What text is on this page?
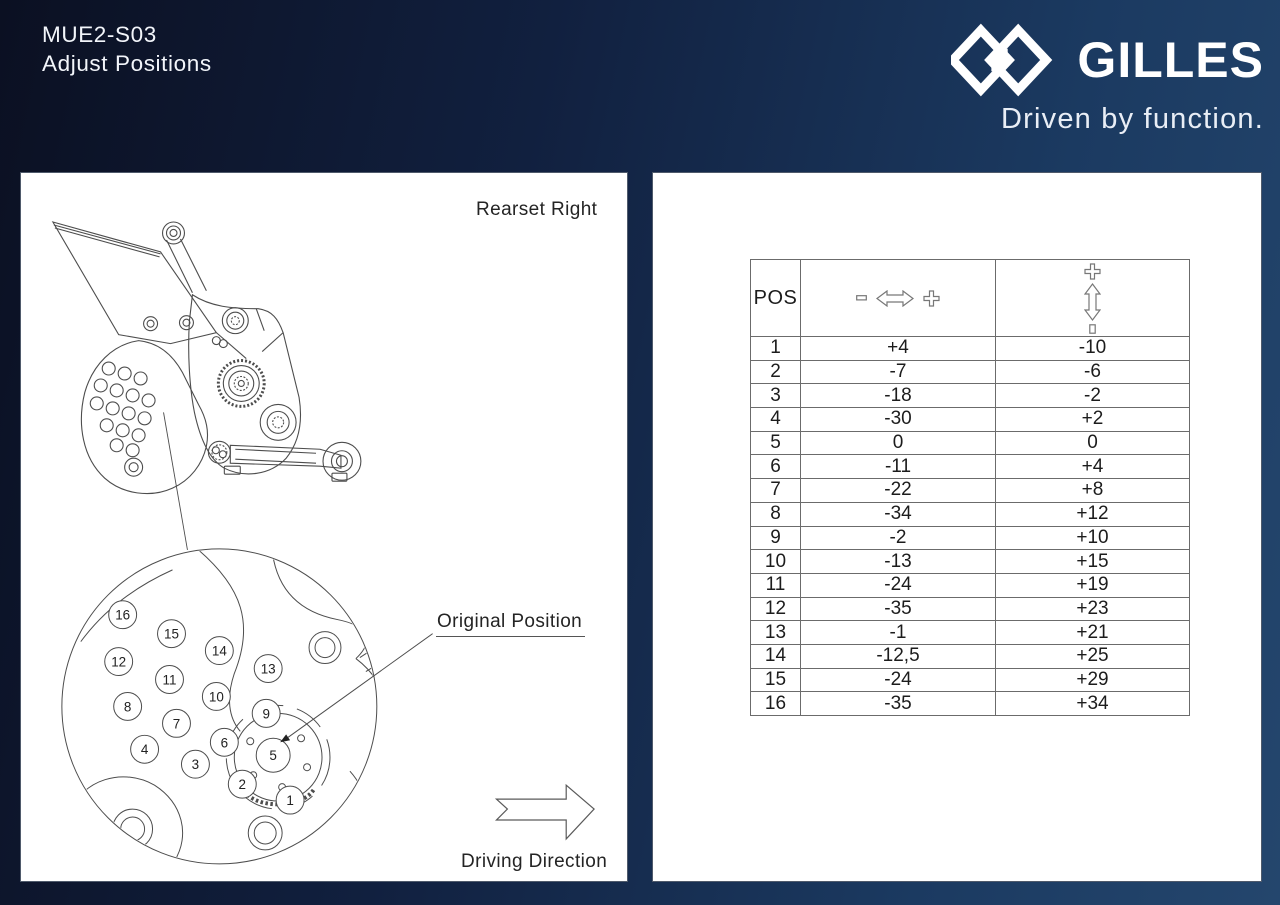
MUE2-S03
Adjust Positions	GILLES
Driven by function.
16
15
14
13
12
11
10
9
8
7
6
5
4
3
2
1
Rearset Right
Original Position
Driving Direction
POS	

1	+4	-10
2	-7	-6
3	-18	-2
4	-30	+2
5	0	0
6	-11	+4
7	-22	+8
8	-34	+12
9	-2	+10
10	-13	+15
11	-24	+19
12	-35	+23
13	-1	+21
14	-12,5	+25
15	-24	+29
16	-35	+34
